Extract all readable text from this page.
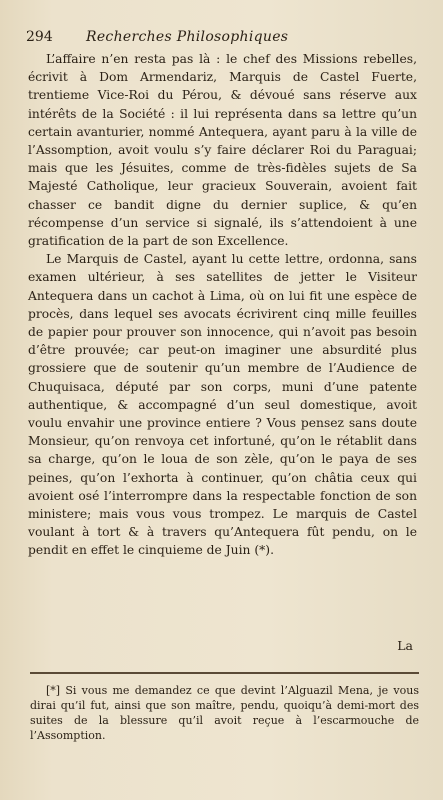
294 Recherches Philosophiques

L’affaire n’en resta pas là : le chef des Missions rebelles, écrivit à Dom Armendariz, Marquis de Castel Fuerte, trentieme Vice-Roi du Pérou, & dévoué sans réserve aux intérêts de la Société : il lui représenta dans sa lettre qu’un certain avanturier, nommé Antequera, ayant paru à la ville de l’Assomption, avoit voulu s’y faire déclarer Roi du Paraguai; mais que les Jésuites, comme de très-fidèles sujets de Sa Majesté Catholique, leur gracieux Souverain, avoient fait chasser ce bandit digne du dernier suplice, & qu’en récompense d’un service si signalé, ils s’attendoient à une gratification de la part de son Excellence.

Le Marquis de Castel, ayant lu cette lettre, ordonna, sans examen ultérieur, à ses satellites de jetter le Visiteur Antequera dans un cachot à Lima, où on lui fit une espèce de procès, dans lequel ses avocats écrivirent cinq mille feuilles de papier pour prouver son innocence, qui n’avoit pas besoin d’être prouvée; car peut-on imaginer une absurdité plus grossiere que de soutenir qu’un membre de l’Audience de Chuquisaca, député par son corps, muni d’une patente authentique, & accompagné d’un seul domestique, avoit voulu envahir une province entiere ? Vous pensez sans doute Monsieur, qu’on renvoya cet infortuné, qu’on le rétablit dans sa charge, qu’on le loua de son zèle, qu’on le paya de ses peines, qu’on l’exhorta à continuer, qu’on châtia ceux qui avoient osé l’interrompre dans la respectable fonction de son ministere; mais vous vous trompez. Le marquis de Castel voulant à tort & à travers qu’Antequera fût pendu, on le pendit en effet le cinquieme de Juin (*).

La

[*] Si vous me demandez ce que devint l’Alguazil Mena, je vous dirai qu’il fut, ainsi que son maître, pendu, quoiqu’à demi-mort des suites de la blessure qu’il avoit reçue à l’escarmouche de l’Assomption.
